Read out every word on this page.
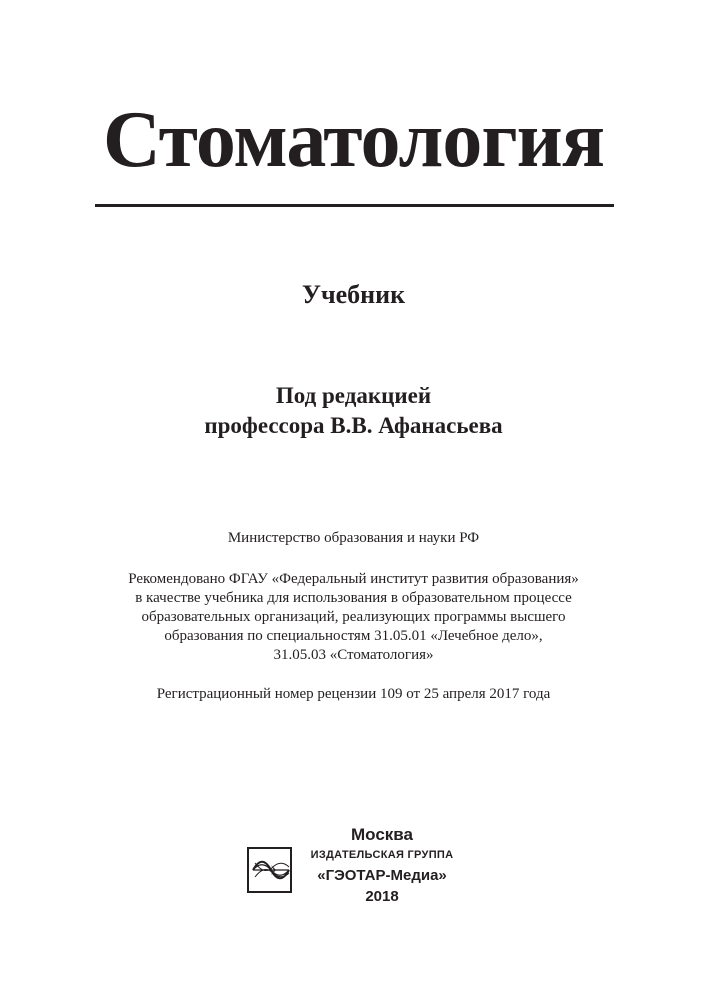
Стоматология
Учебник
Под редакцией
профессора В.В. Афанасьева
Министерство образования и науки РФ
Рекомендовано ФГАУ «Федеральный институт развития образования»
в качестве учебника для использования в образовательном процессе
образовательных организаций, реализующих программы высшего
образования по специальностям 31.05.01 «Лечебное дело»,
31.05.03 «Стоматология»
Регистрационный номер рецензии 109 от 25 апреля 2017 года
Москва
ИЗДАТЕЛЬСКАЯ ГРУППА
«ГЭОТАР-Медиа»
2018
